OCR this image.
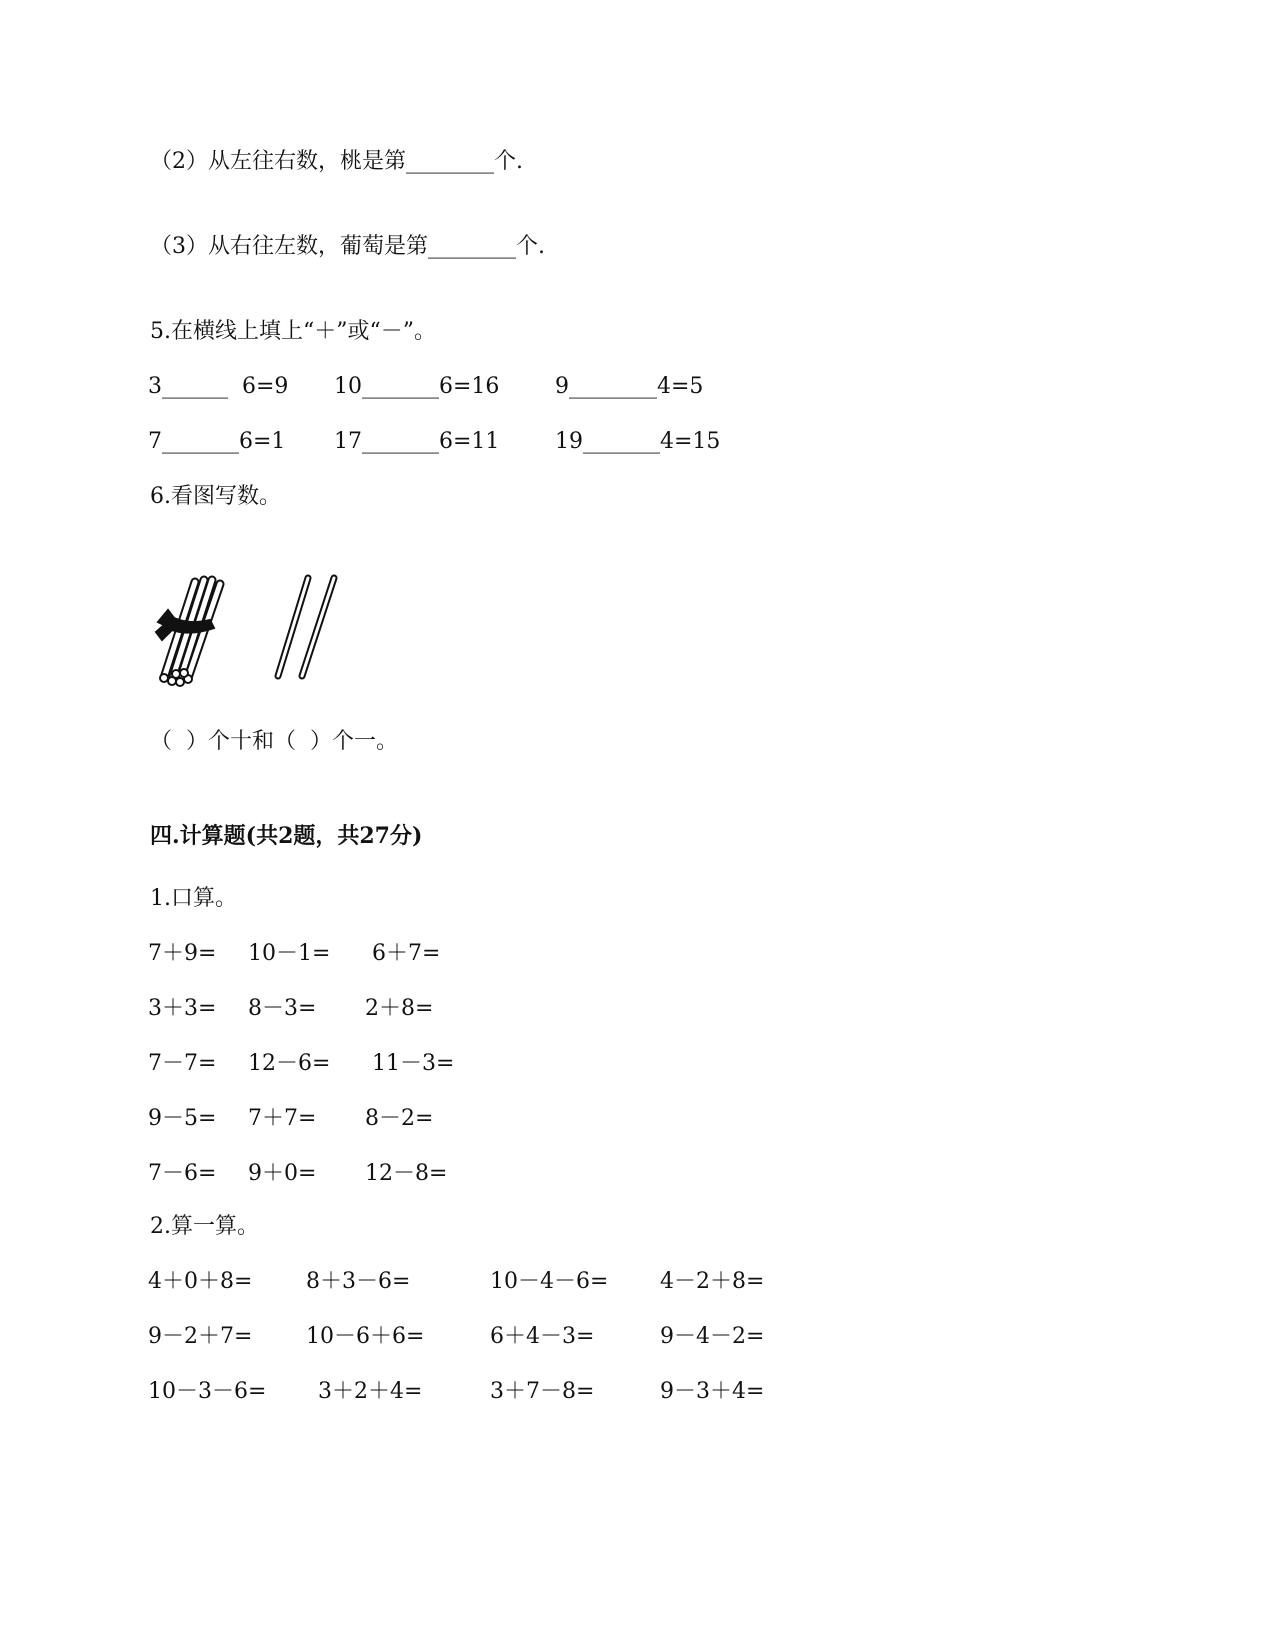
（2）从左往右数，桃是第________个.

（3）从右往左数，葡萄是第________个.

5.在横线上填上“＋”或“－”。

3______  6=9 10_______6=16	9________4=5

7_______6=1 17_______6=11	19_______4=15

6.看图写数。

（  ）个十和（  ）个一。

四.计算题(共2题，共27分)

1.口算。

7＋9= 10－1= 6＋7=

3＋3= 8－3= 2＋8=

7－7= 12－6= 11－3=

9－5= 7＋7= 8－2=

7－6= 9＋0= 12－8=

2.算一算。

4＋0＋8= 8＋3－6=	10－4－6= 4－2＋8=

9－2＋7= 10－6＋6=	6＋4－3=	9－4－2=

10－3－6= 3＋2＋4=	3＋7－8=	9－3＋4=
